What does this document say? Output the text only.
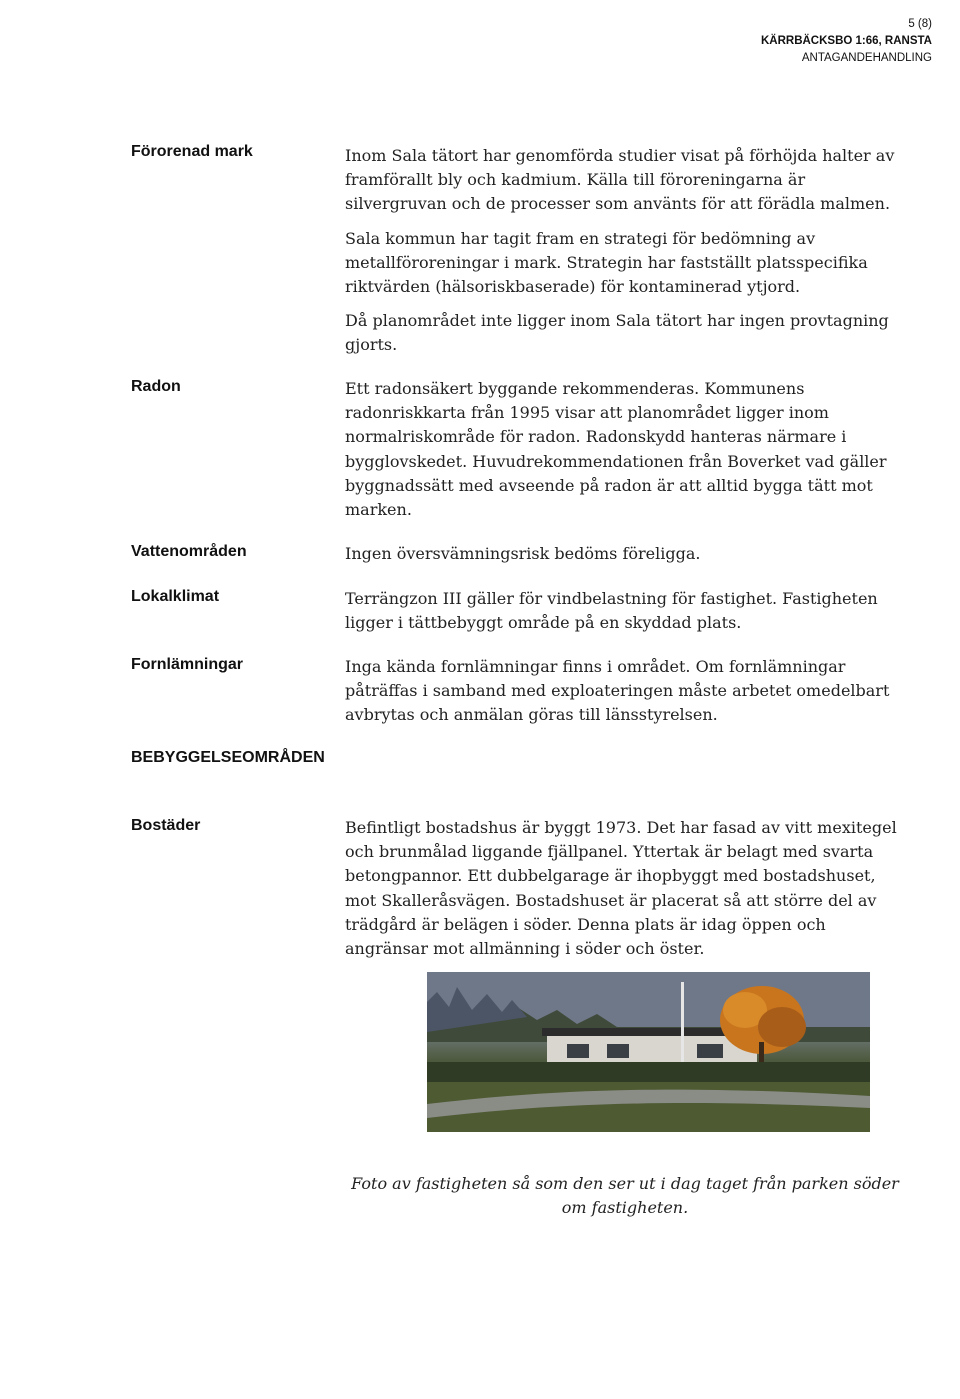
5 (8)
KÄRRBÄCKSBO 1:66, RANSTA
ANTAGANDEHANDLING
Förorenad mark	Inom Sala tätort har genomförda studier visat på förhöjda halter av framförallt bly och kadmium. Källa till föroreningarna är silvergruvan och de processer som använts för att förädla malmen.

Sala kommun har tagit fram en strategi för bedömning av metallföroreningar i mark. Strategin har fastställt platsspecifika riktvärden (hälsoriskbaserade) för kontaminerad ytjord.

Då planområdet inte ligger inom Sala tätort har ingen provtagning gjorts.

Radon	Ett radonsäkert byggande rekommenderas. Kommunens radonriskkarta från 1995 visar att planområdet ligger inom normalriskområde för radon. Radonskydd hanteras närmare i bygglovskedet. Huvudrekommendationen från Boverket vad gäller byggnadssätt med avseende på radon är att alltid bygga tätt mot marken.

Vattenområden	Ingen översvämningsrisk bedöms föreligga.

Lokalklimat	Terrängzon III gäller för vindbelastning för fastighet. Fastigheten ligger i tättbebyggt område på en skyddad plats.

Fornlämningar	Inga kända fornlämningar finns i området. Om fornlämningar påträffas i samband med exploateringen måste arbetet omedelbart avbrytas och anmälan göras till länsstyrelsen.

BEBYGGELSEOMRÅDEN
Bostäder	Befintligt bostadshus är byggt 1973. Det har fasad av vitt mexitegel och brunmålad liggande fjällpanel. Yttertak är belagt med svarta betongpannor. Ett dubbelgarage är ihopbyggt med bostadshuset, mot Skalleråsvägen. Bostadshuset är placerat så att större del av trädgård är belägen i söder. Denna plats är idag öppen och angränsar mot allmänning i söder och öster.

Foto av fastigheten så som den ser ut i dag taget från parken söder om fastigheten.
